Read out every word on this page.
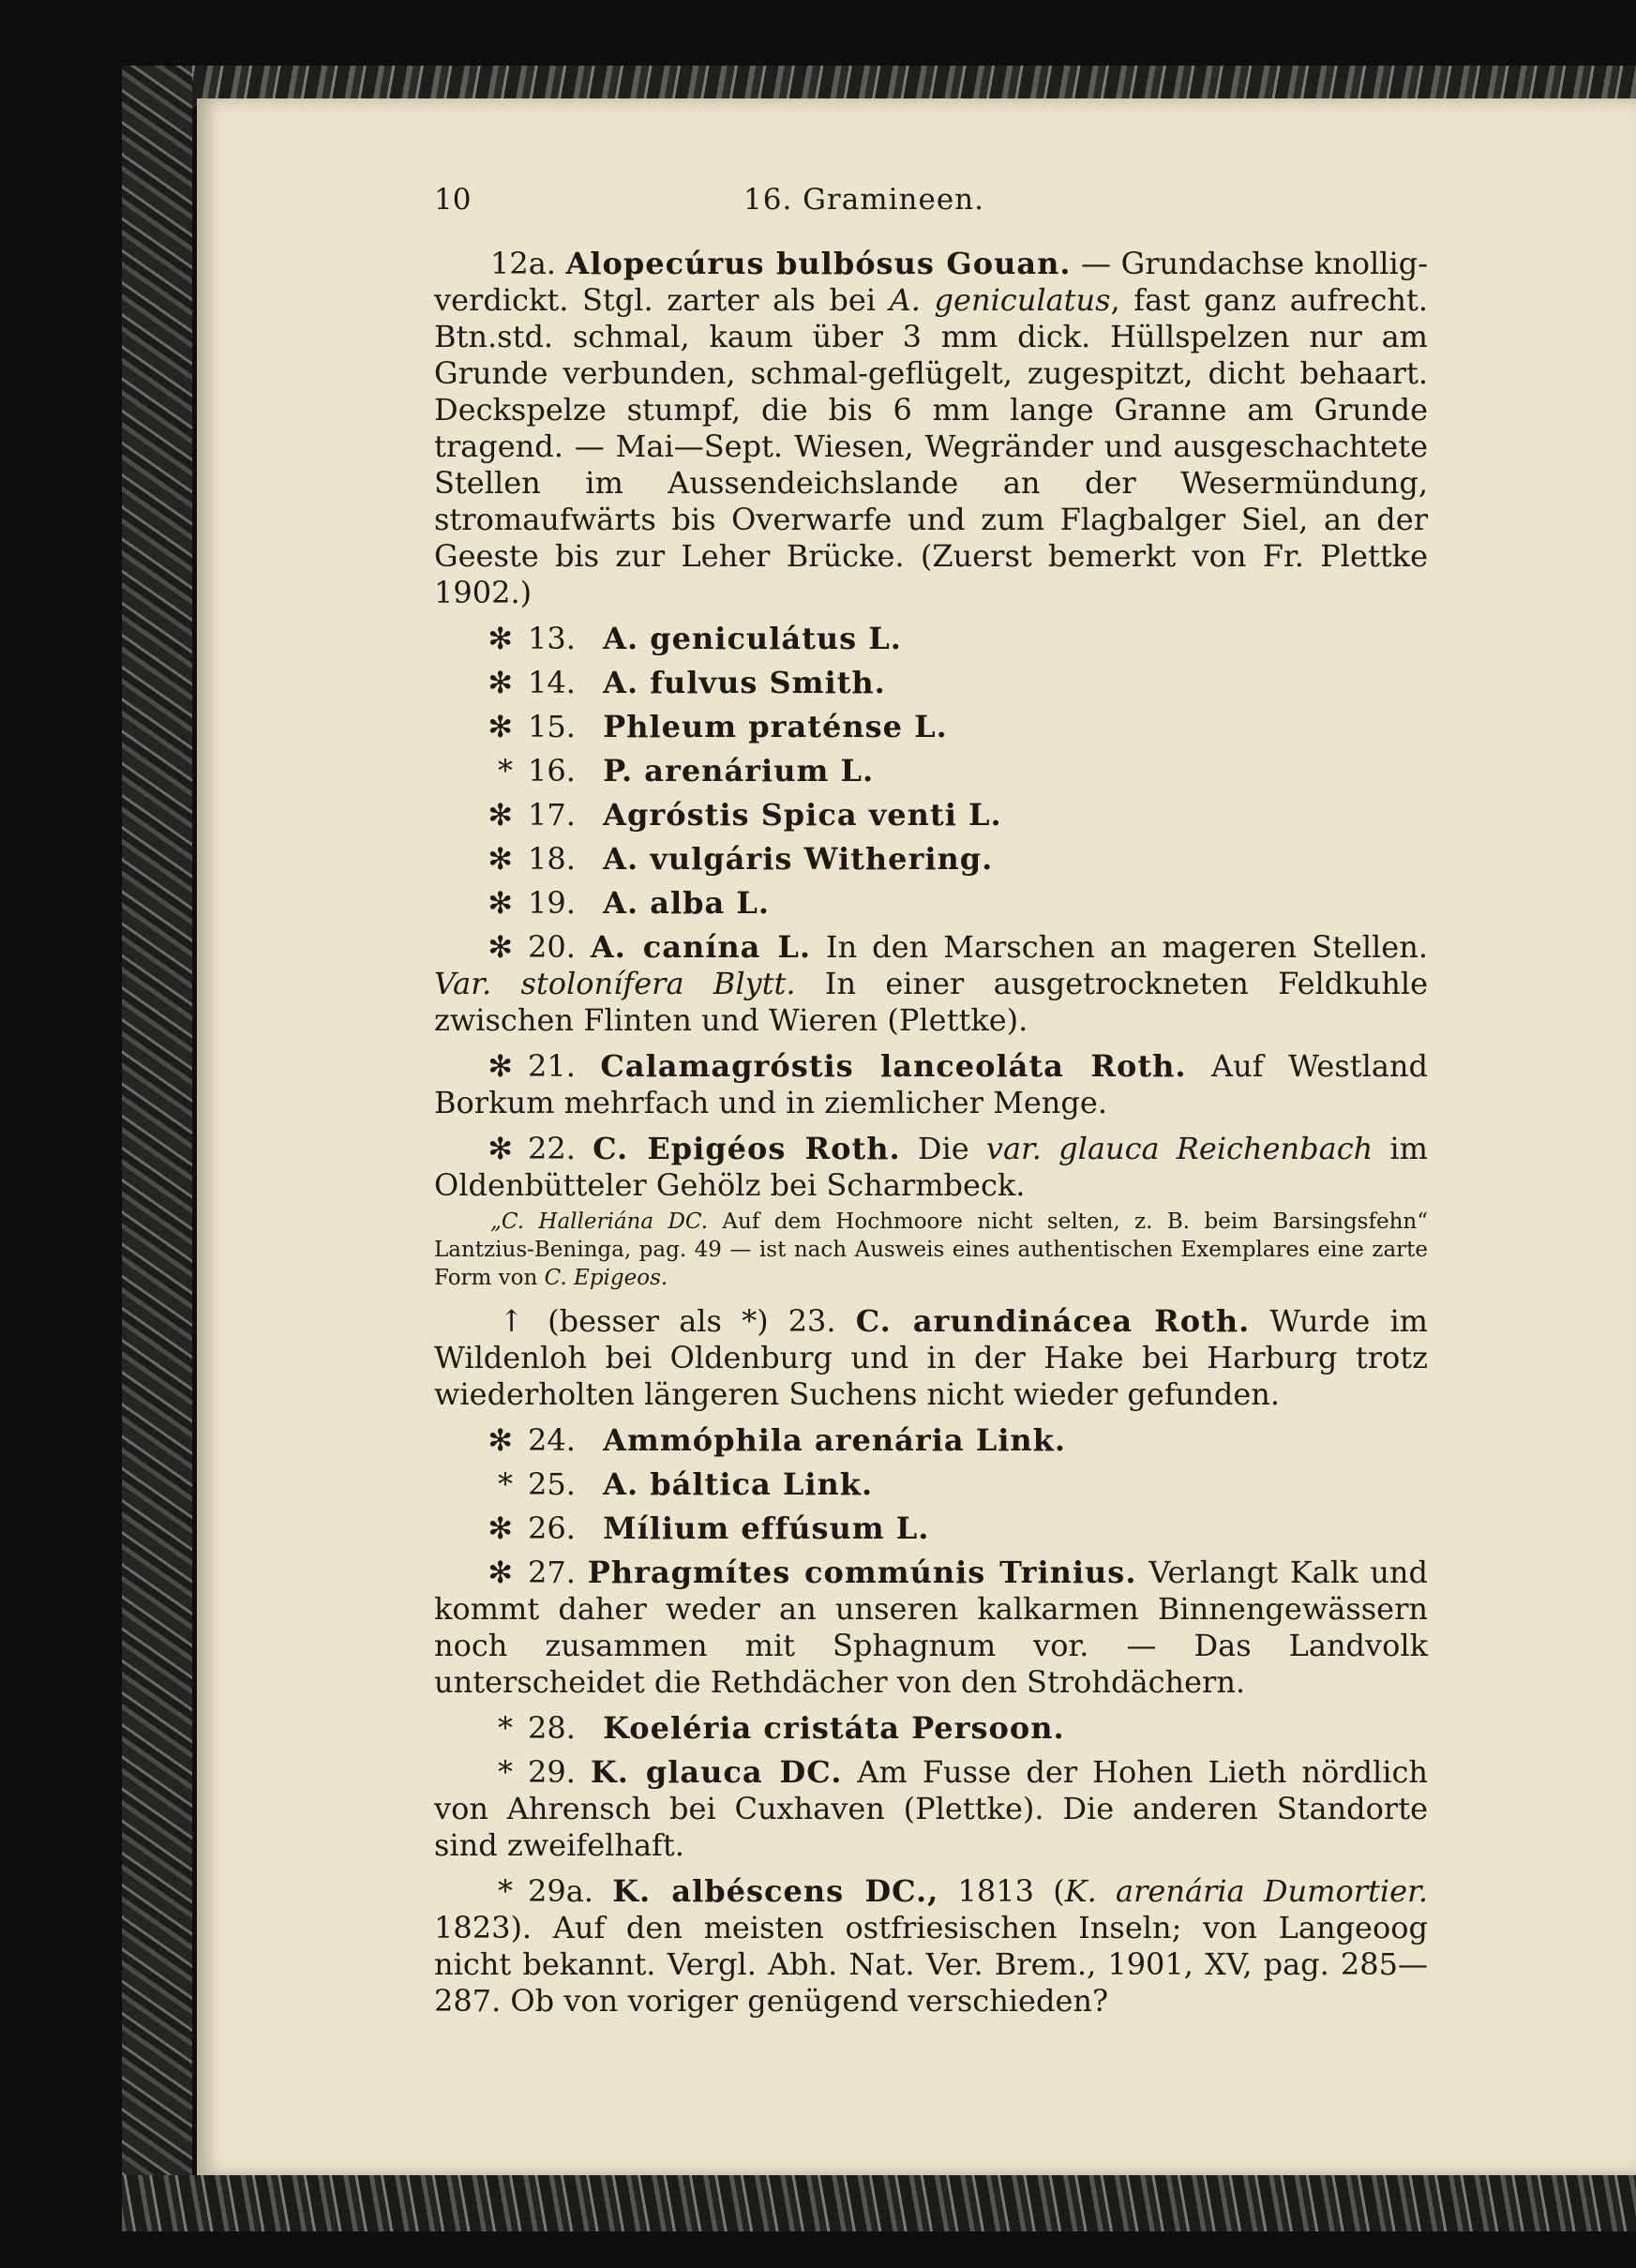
10	16. Gramineen.

12a. Alopecúrus bulbósus Gouan. — Grundachse knollig-verdickt. Stgl. zarter als bei A. geniculatus, fast ganz aufrecht. Btn.std. schmal, kaum über 3 mm dick. Hüllspelzen nur am Grunde verbunden, schmal-geflügelt, zugespitzt, dicht behaart. Deckspelze stumpf, die bis 6 mm lange Granne am Grunde tragend. — Mai—Sept. Wiesen, Wegränder und ausgeschachtete Stellen im Aussendeichslande an der Wesermündung, stromaufwärts bis Overwarfe und zum Flagbalger Siel, an der Geeste bis zur Leher Brücke. (Zuerst bemerkt von Fr. Plettke 1902.)

✻ 13. A. geniculátus L.
✻ 14. A. fulvus Smith.
✻ 15. Phleum praténse L.
* 16. P. arenárium L.
✻ 17. Agróstis Spica venti L.
✻ 18. A. vulgáris Withering.
✻ 19. A. alba L.

✻ 20. A. canína L. In den Marschen an mageren Stellen. Var. stolonífera Blytt. In einer ausgetrockneten Feldkuhle zwischen Flinten und Wieren (Plettke).

✻ 21. Calamagróstis lanceoláta Roth. Auf Westland Borkum mehrfach und in ziemlicher Menge.

✻ 22. C. Epigéos Roth. Die var. glauca Reichenbach im Oldenbütteler Gehölz bei Scharmbeck.

„C. Halleriána DC. Auf dem Hochmoore nicht selten, z. B. beim Barsingsfehn“ Lantzius-Beninga, pag. 49 — ist nach Ausweis eines authentischen Exemplares eine zarte Form von C. Epigeos.

↑ (besser als *) 23. C. arundinácea Roth. Wurde im Wildenloh bei Oldenburg und in der Hake bei Harburg trotz wiederholten längeren Suchens nicht wieder gefunden.

✻ 24. Ammóphila arenária Link.
* 25. A. báltica Link.
✻ 26. Mílium effúsum L.

✻ 27. Phragmítes commúnis Trinius. Verlangt Kalk und kommt daher weder an unseren kalkarmen Binnengewässern noch zusammen mit Sphagnum vor. — Das Landvolk unterscheidet die Rethdächer von den Strohdächern.

* 28. Koeléria cristáta Persoon.

* 29. K. glauca DC. Am Fusse der Hohen Lieth nördlich von Ahrensch bei Cuxhaven (Plettke). Die anderen Standorte sind zweifelhaft.

* 29a. K. albéscens DC., 1813 (K. arenária Dumortier. 1823). Auf den meisten ostfriesischen Inseln; von Langeoog nicht bekannt. Vergl. Abh. Nat. Ver. Brem., 1901, XV, pag. 285—287. Ob von voriger genügend verschieden?
